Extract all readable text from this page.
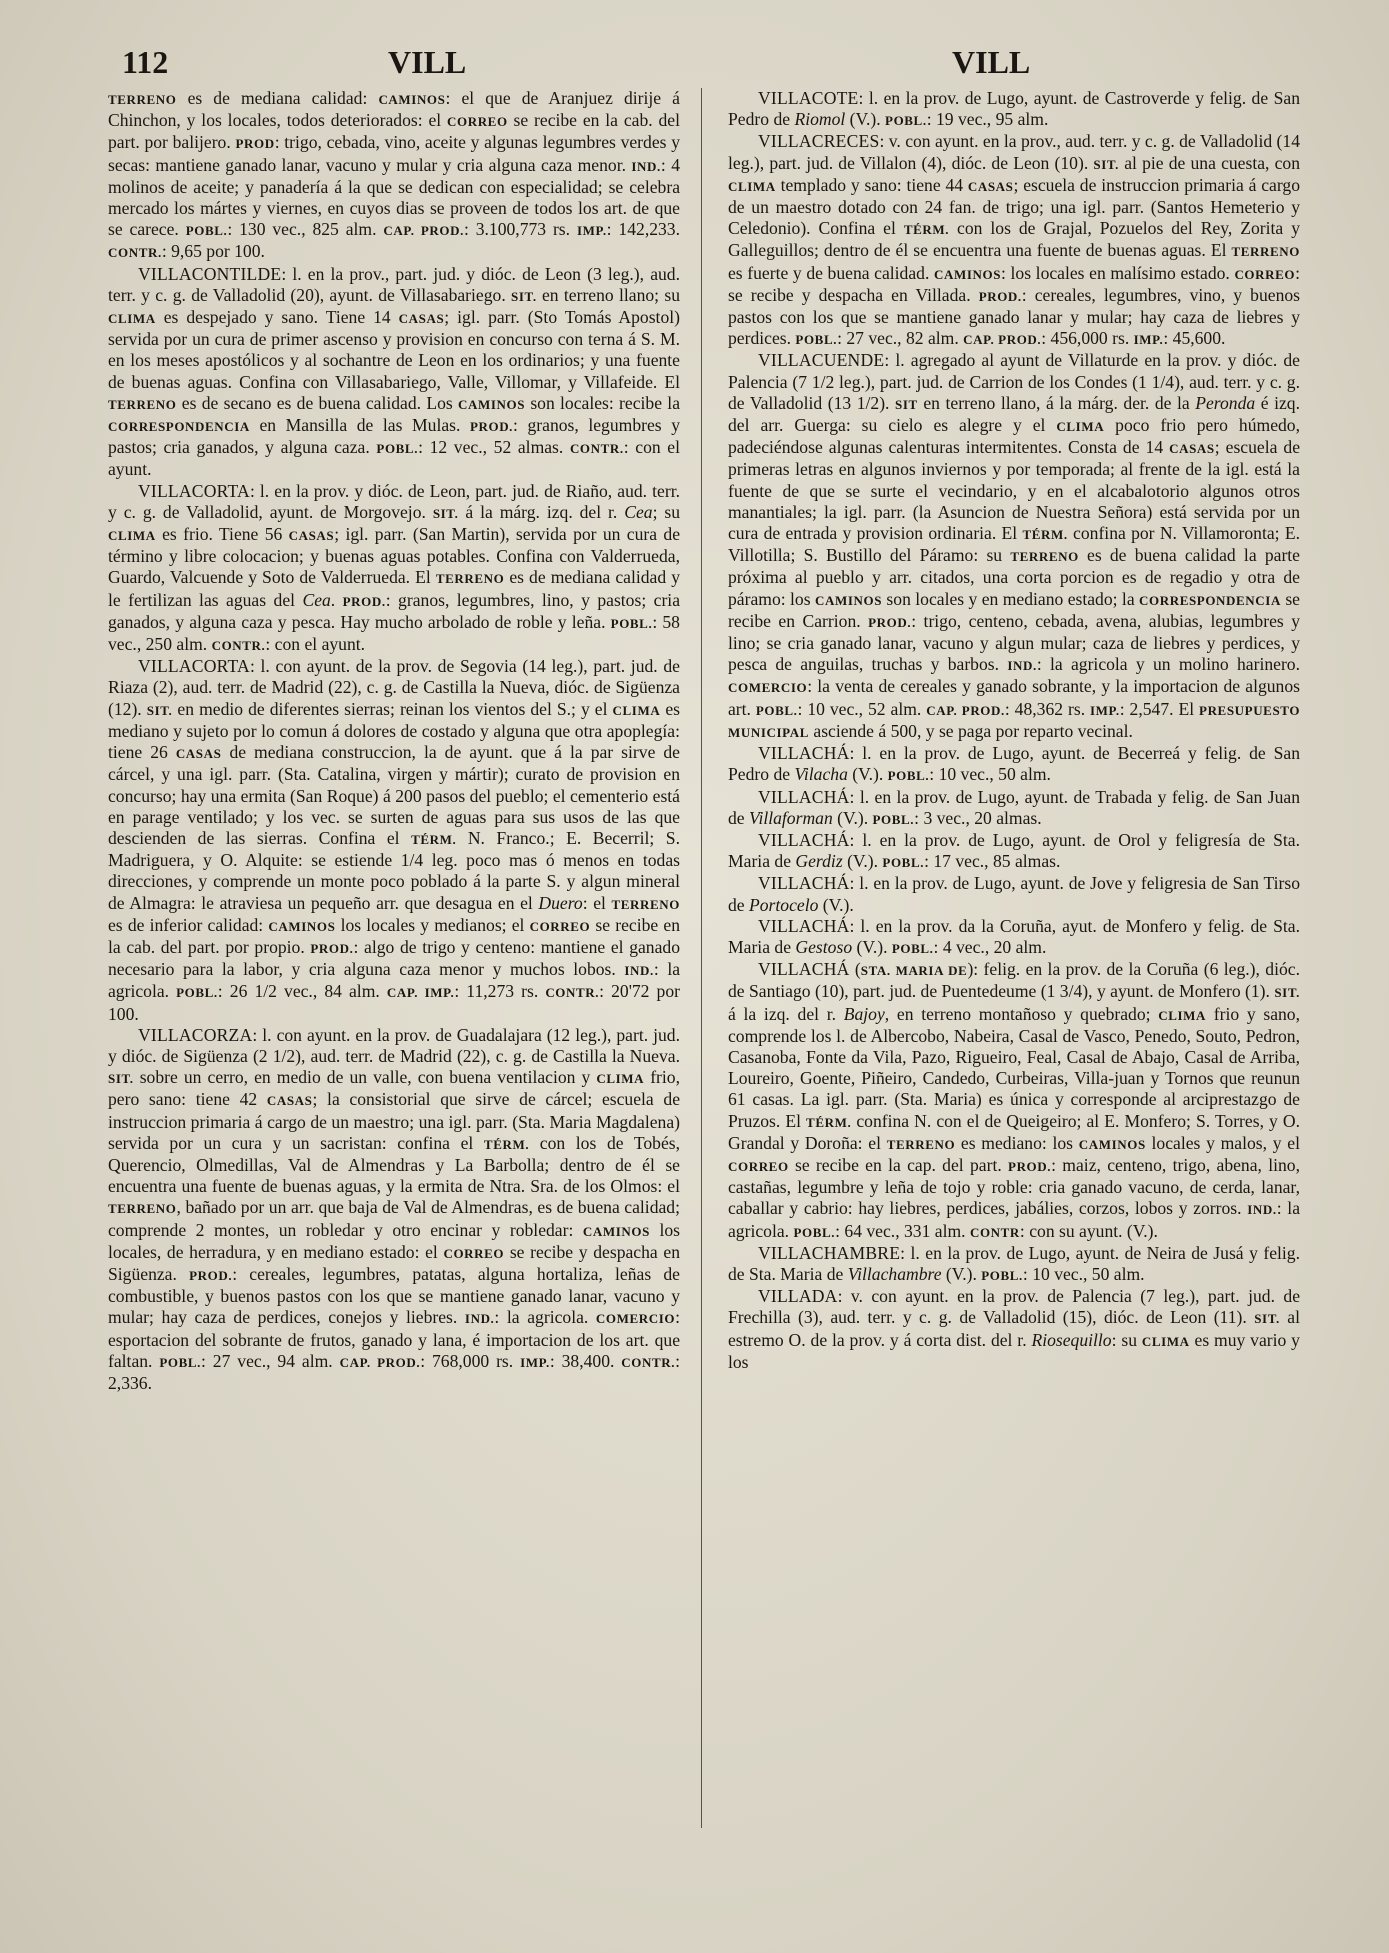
112	VILL	VILL

TERRENO es de mediana calidad: CAMINOS: el que de Aranjuez dirije á Chinchon, y los locales, todos deteriorados: el CORREO se recibe en la cab. del part. por balijero. PROD: trigo, cebada, vino, aceite y algunas legumbres verdes y secas: mantiene ganado lanar, vacuno y mular y cria alguna caza menor. IND.: 4 molinos de aceite; y panadería á la que se dedican con especialidad; se celebra mercado los mártes y viernes, en cuyos dias se proveen de todos los art. de que se carece. POBL.: 130 vec., 825 alm. CAP. PROD.: 3.100,773 rs. IMP.: 142,233. CONTR.: 9,65 por 100.

VILLACONTILDE: l. en la prov., part. jud. y dióc. de Leon (3 leg.), aud. terr. y c. g. de Valladolid (20), ayunt. de Villasabariego. SIT. en terreno llano; su CLIMA es despejado y sano. Tiene 14 CASAS; igl. parr. (Sto Tomás Apostol) servida por un cura de primer ascenso y provision en concurso con terna á S. M. en los meses apostólicos y al sochantre de Leon en los ordinarios; y una fuente de buenas aguas. Confina con Villasabariego, Valle, Villomar, y Villafeide. El TERRENO es de secano es de buena calidad. Los CAMINOS son locales: recibe la CORRESPONDENCIA en Mansilla de las Mulas. PROD.: granos, legumbres y pastos; cria ganados, y alguna caza. POBL.: 12 vec., 52 almas. CONTR.: con el ayunt.

VILLACORTA: l. en la prov. y dióc. de Leon, part. jud. de Riaño, aud. terr. y c. g. de Valladolid, ayunt. de Morgovejo. SIT. á la márg. izq. del r. Cea; su CLIMA es frio. Tiene 56 CASAS; igl. parr. (San Martin), servida por un cura de término y libre colocacion; y buenas aguas potables. Confina con Valderrueda, Guardo, Valcuende y Soto de Valderrueda. El TERRENO es de mediana calidad y le fertilizan las aguas del Cea. PROD.: granos, legumbres, lino, y pastos; cria ganados, y alguna caza y pesca. Hay mucho arbolado de roble y leña. POBL.: 58 vec., 250 alm. CONTR.: con el ayunt.

VILLACORTA: l. con ayunt. de la prov. de Segovia (14 leg.), part. jud. de Riaza (2), aud. terr. de Madrid (22), c. g. de Castilla la Nueva, dióc. de Sigüenza (12). SIT. en medio de diferentes sierras; reinan los vientos del S.; y el CLIMA es mediano y sujeto por lo comun á dolores de costado y alguna que otra apoplegía: tiene 26 CASAS de mediana construccion, la de ayunt. que á la par sirve de cárcel, y una igl. parr. (Sta. Catalina, virgen y mártir); curato de provision en concurso; hay una ermita (San Roque) á 200 pasos del pueblo; el cementerio está en parage ventilado; y los vec. se surten de aguas para sus usos de las que descienden de las sierras. Confina el TÉRM. N. Franco.; E. Becerril; S. Madriguera, y O. Alquite: se estiende 1/4 leg. poco mas ó menos en todas direcciones, y comprende un monte poco poblado á la parte S. y algun mineral de Almagra: le atraviesa un pequeño arr. que desagua en el Duero: el TERRENO es de inferior calidad: CAMINOS los locales y medianos; el CORREO se recibe en la cab. del part. por propio. PROD.: algo de trigo y centeno: mantiene el ganado necesario para la labor, y cria alguna caza menor y muchos lobos. IND.: la agricola. POBL.: 26 1/2 vec., 84 alm. CAP. IMP.: 11,273 rs. CONTR.: 20'72 por 100.

VILLACORZA: l. con ayunt. en la prov. de Guadalajara (12 leg.), part. jud. y dióc. de Sigüenza (2 1/2), aud. terr. de Madrid (22), c. g. de Castilla la Nueva. SIT. sobre un cerro, en medio de un valle, con buena ventilacion y CLIMA frio, pero sano: tiene 42 CASAS; la consistorial que sirve de cárcel; escuela de instruccion primaria á cargo de un maestro; una igl. parr. (Sta. Maria Magdalena) servida por un cura y un sacristan: confina el TÉRM. con los de Tobés, Querencio, Olmedillas, Val de Almendras y La Barbolla; dentro de él se encuentra una fuente de buenas aguas, y la ermita de Ntra. Sra. de los Olmos: el TERRENO, bañado por un arr. que baja de Val de Almendras, es de buena calidad; comprende 2 montes, un robledar y otro encinar y robledar: CAMINOS los locales, de herradura, y en mediano estado: el CORREO se recibe y despacha en Sigüenza. PROD.: cereales, legumbres, patatas, alguna hortaliza, leñas de combustible, y buenos pastos con los que se mantiene ganado lanar, vacuno y mular; hay caza de perdices, conejos y liebres. IND.: la agricola. COMERCIO: esportacion del sobrante de frutos, ganado y lana, é importacion de los art. que faltan. POBL.: 27 vec., 94 alm. CAP. PROD.: 768,000 rs. IMP.: 38,400. CONTR.: 2,336.

VILLACOTE: l. en la prov. de Lugo, ayunt. de Castroverde y felig. de San Pedro de Riomol (V.). POBL.: 19 vec., 95 alm.

VILLACRECES: v. con ayunt. en la prov., aud. terr. y c. g. de Valladolid (14 leg.), part. jud. de Villalon (4), dióc. de Leon (10). SIT. al pie de una cuesta, con CLIMA templado y sano: tiene 44 CASAS; escuela de instruccion primaria á cargo de un maestro dotado con 24 fan. de trigo; una igl. parr. (Santos Hemeterio y Celedonio). Confina el TÉRM. con los de Grajal, Pozuelos del Rey, Zorita y Galleguillos; dentro de él se encuentra una fuente de buenas aguas. El TERRENO es fuerte y de buena calidad. CAMINOS: los locales en malísimo estado. CORREO: se recibe y despacha en Villada. PROD.: cereales, legumbres, vino, y buenos pastos con los que se mantiene ganado lanar y mular; hay caza de liebres y perdices. POBL.: 27 vec., 82 alm. CAP. PROD.: 456,000 rs. IMP.: 45,600.

VILLACUENDE: l. agregado al ayunt de Villaturde en la prov. y dióc. de Palencia (7 1/2 leg.), part. jud. de Carrion de los Condes (1 1/4), aud. terr. y c. g. de Valladolid (13 1/2). SIT en terreno llano, á la márg. der. de la Peronda é izq. del arr. Guerga: su cielo es alegre y el CLIMA poco frio pero húmedo, padeciéndose algunas calenturas intermitentes. Consta de 14 CASAS; escuela de primeras letras en algunos inviernos y por temporada; al frente de la igl. está la fuente de que se surte el vecindario, y en el alcabalotorio algunos otros manantiales; la igl. parr. (la Asuncion de Nuestra Señora) está servida por un cura de entrada y provision ordinaria. El TÉRM. confina por N. Villamoronta; E. Villotilla; S. Bustillo del Páramo: su TERRENO es de buena calidad la parte próxima al pueblo y arr. citados, una corta porcion es de regadio y otra de páramo: los CAMINOS son locales y en mediano estado; la CORRESPONDENCIA se recibe en Carrion. PROD.: trigo, centeno, cebada, avena, alubias, legumbres y lino; se cria ganado lanar, vacuno y algun mular; caza de liebres y perdices, y pesca de anguilas, truchas y barbos. IND.: la agricola y un molino harinero. COMERCIO: la venta de cereales y ganado sobrante, y la importacion de algunos art. POBL.: 10 vec., 52 alm. CAP. PROD.: 48,362 rs. IMP.: 2,547. El PRESUPUESTO MUNICIPAL asciende á 500, y se paga por reparto vecinal.

VILLACHÁ: l. en la prov. de Lugo, ayunt. de Becerreá y felig. de San Pedro de Vilacha (V.). POBL.: 10 vec., 50 alm.

VILLACHÁ: l. en la prov. de Lugo, ayunt. de Trabada y felig. de San Juan de Villaforman (V.). POBL.: 3 vec., 20 almas.

VILLACHÁ: l. en la prov. de Lugo, ayunt. de Orol y feligresía de Sta. Maria de Gerdiz (V.). POBL.: 17 vec., 85 almas.

VILLACHÁ: l. en la prov. de Lugo, ayunt. de Jove y feligresia de San Tirso de Portocelo (V.).

VILLACHÁ: l. en la prov. da la Coruña, ayut. de Monfero y felig. de Sta. Maria de Gestoso (V.). POBL.: 4 vec., 20 alm.

VILLACHÁ (STA. MARIA DE): felig. en la prov. de la Coruña (6 leg.), dióc. de Santiago (10), part. jud. de Puentedeume (1 3/4), y ayunt. de Monfero (1). SIT. á la izq. del r. Bajoy, en terreno montañoso y quebrado; CLIMA frio y sano, comprende los l. de Albercobo, Nabeira, Casal de Vasco, Penedo, Souto, Pedron, Casanoba, Fonte da Vila, Pazo, Rigueiro, Feal, Casal de Abajo, Casal de Arriba, Loureiro, Goente, Piñeiro, Candedo, Curbeiras, Villa-juan y Tornos que reunun 61 casas. La igl. parr. (Sta. Maria) es única y corresponde al arciprestazgo de Pruzos. El TÉRM. confina N. con el de Queigeiro; al E. Monfero; S. Torres, y O. Grandal y Doroña: el TERRENO es mediano: los CAMINOS locales y malos, y el CORREO se recibe en la cap. del part. PROD.: maiz, centeno, trigo, abena, lino, castañas, legumbre y leña de tojo y roble: cria ganado vacuno, de cerda, lanar, caballar y cabrio: hay liebres, perdices, jabálies, corzos, lobos y zorros. IND.: la agricola. POBL.: 64 vec., 331 alm. CONTR: con su ayunt. (V.).

VILLACHAMBRE: l. en la prov. de Lugo, ayunt. de Neira de Jusá y felig. de Sta. Maria de Villachambre (V.). POBL.: 10 vec., 50 alm.

VILLADA: v. con ayunt. en la prov. de Palencia (7 leg.), part. jud. de Frechilla (3), aud. terr. y c. g. de Valladolid (15), dióc. de Leon (11). SIT. al estremo O. de la prov. y á corta dist. del r. Riosequillo: su CLIMA es muy vario y los
